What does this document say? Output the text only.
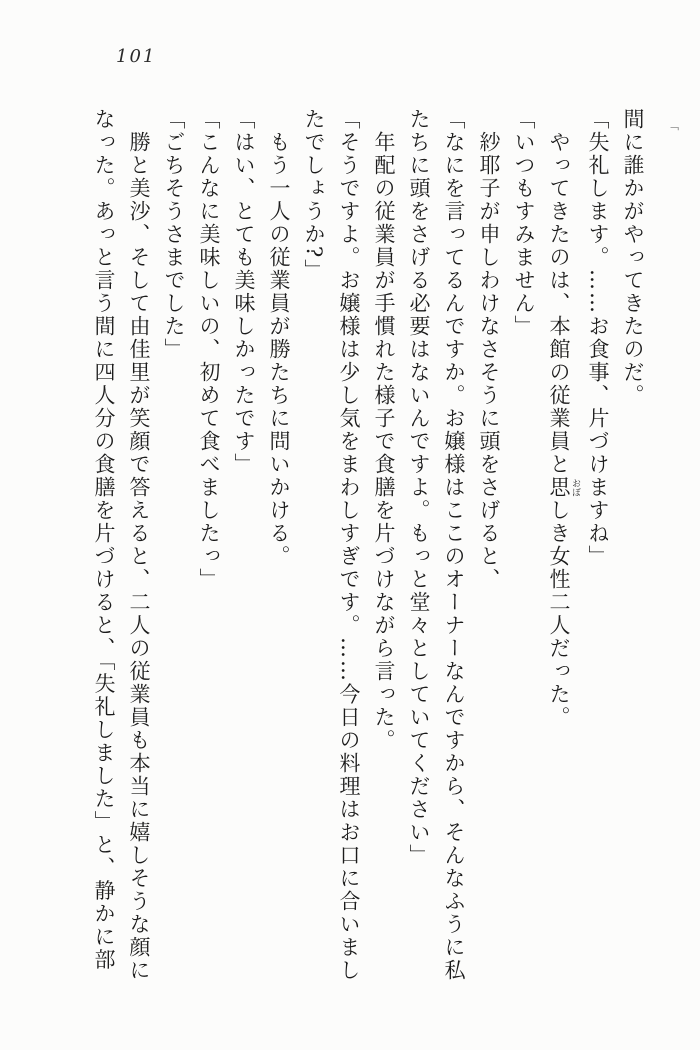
101
¬

間に誰かがやってきたのだ。

「失礼します。……お食事、片づけますね」

やってきたのは、本館の従業員と思 おぼしき女性二人だった。

「いつもすみません」

紗耶子が申しわけなさそうに頭をさげると、

「なにを言ってるんですか。お嬢様はここのオーナーなんですから、そんなふうに私

たちに頭をさげる必要はないんですよ。もっと堂々としていてください」

年配の従業員が手慣れた様子で食膳を片づけながら言った。

「そうですよ。お嬢様は少し気をまわしすぎです。……今日の料理はお口に合いまし

たでしょうか?」

もう一人の従業員が勝たちに問いかける。

「はい、とても美味しかったです」

「こんなに美味しいの、初めて食べましたっ」

「ごちそうさまでした」

勝と美沙、そして由佳里が笑顔で答えると、二人の従業員も本当に嬉しそうな顔に

なった。あっと言う間に四人分の食膳を片づけると、「失礼しました」と、静かに部
